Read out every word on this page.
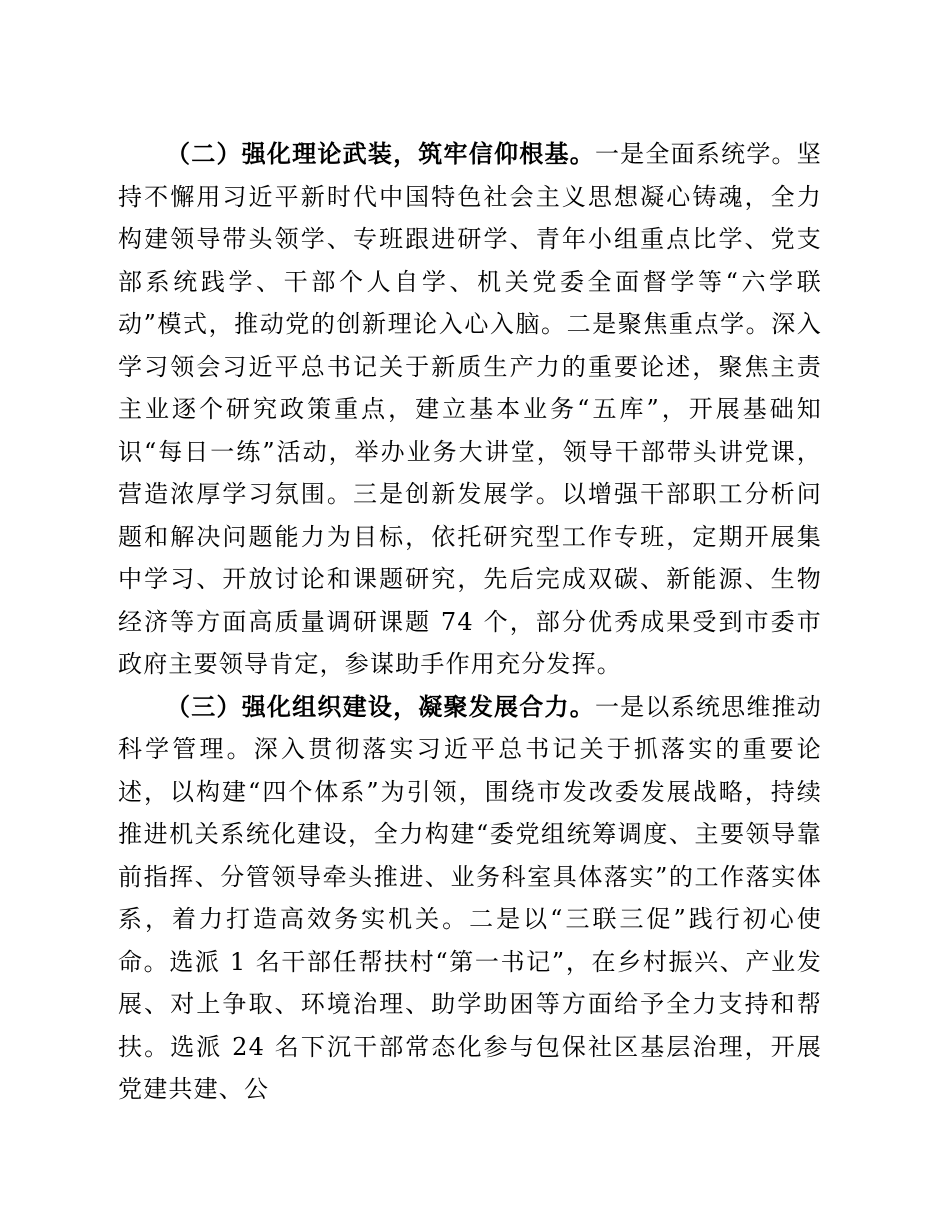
（二）强化理论武装，筑牢信仰根基。一是全面系统学。坚持不懈用习近平新时代中国特色社会主义思想凝心铸魂，全力构建领导带头领学、专班跟进研学、青年小组重点比学、党支部系统践学、干部个人自学、机关党委全面督学等“六学联动”模式，推动党的创新理论入心入脑。二是聚焦重点学。深入学习领会习近平总书记关于新质生产力的重要论述，聚焦主责主业逐个研究政策重点，建立基本业务“五库”，开展基础知识“每日一练”活动，举办业务大讲堂，领导干部带头讲党课，营造浓厚学习氛围。三是创新发展学。以增强干部职工分析问题和解决问题能力为目标，依托研究型工作专班，定期开展集中学习、开放讨论和课题研究，先后完成双碳、新能源、生物经济等方面高质量调研课题 74 个，部分优秀成果受到市委市政府主要领导肯定，参谋助手作用充分发挥。

（三）强化组织建设，凝聚发展合力。一是以系统思维推动科学管理。深入贯彻落实习近平总书记关于抓落实的重要论述，以构建“四个体系”为引领，围绕市发改委发展战略，持续推进机关系统化建设，全力构建“委党组统筹调度、主要领导靠前指挥、分管领导牵头推进、业务科室具体落实”的工作落实体系，着力打造高效务实机关。二是以“三联三促”践行初心使命。选派 1 名干部任帮扶村“第一书记”，在乡村振兴、产业发展、对上争取、环境治理、助学助困等方面给予全力支持和帮扶。选派 24 名下沉干部常态化参与包保社区基层治理，开展党建共建、公
